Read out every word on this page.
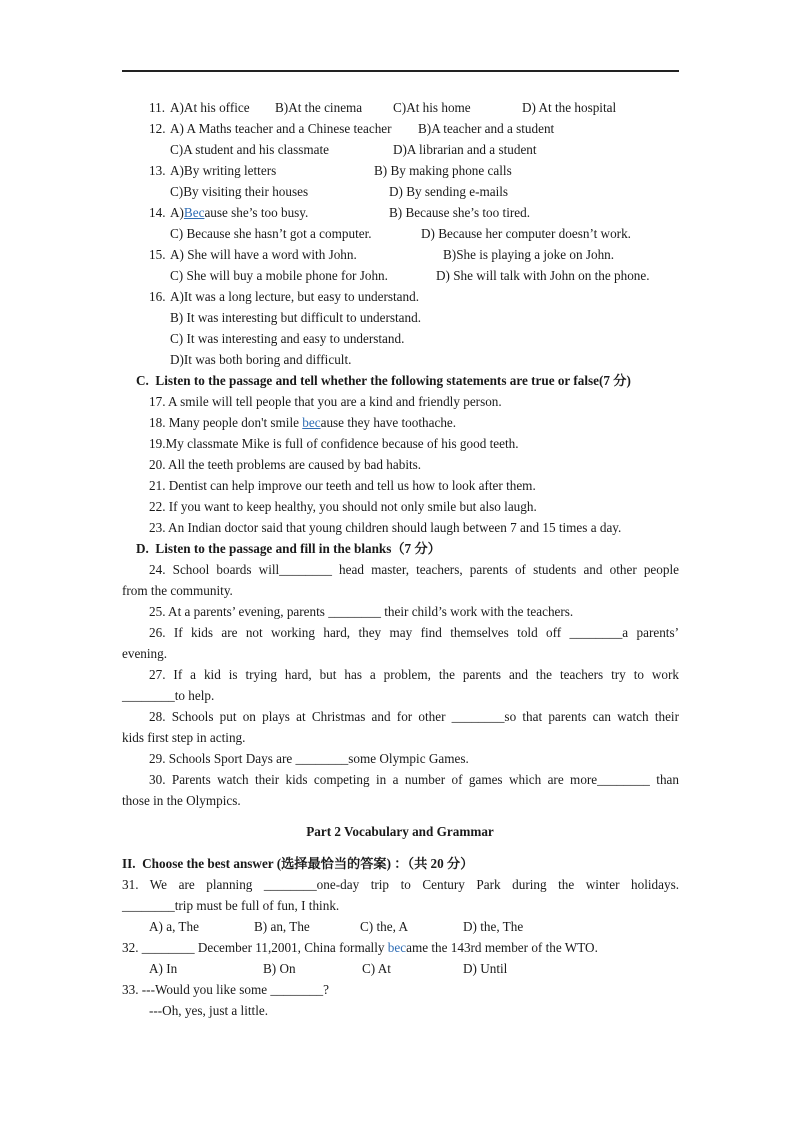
11. A)At his office B)At the cinema C)At his home	D) At the hospital
12. A) A Maths teacher and a Chinese teacher B)A teacher and a student
C)A student and his classmate	D)A librarian and a student
13. A)By writing letters	B) By making phone calls
C)By visiting their houses	D) By sending e-mails
14. A)Because she’s too busy.	B) Because she’s too tired.
C) Because she hasn’t got a computer.	D) Because her computer doesn’t work.
15. A) She will have a word with John.	B)She is playing a joke on John.
C) She will buy a mobile phone for John.	D) She will talk with John on the phone.
16. A)It was a long lecture, but easy to understand.
B) It was interesting but difficult to understand.
C) It was interesting and easy to understand.
D)It was both boring and difficult.
C.  Listen to the passage and tell whether the following statements are true or false(7 分)
17. A smile will tell people that you are a kind and friendly person.
18. Many people don't smile because they have toothache.
19.My classmate Mike is full of confidence because of his good teeth.
20. All the teeth problems are caused by bad habits.
21. Dentist can help improve our teeth and tell us how to look after them.
22. If you want to keep healthy, you should not only smile but also laugh.
23. An Indian doctor said that young children should laugh between 7 and 15 times a day.
D.  Listen to the passage and fill in the blanks（7 分）
24. School boards will________ head master, teachers, parents of students and other people
from the community.
25. At a parents’ evening, parents ________ their child’s work with the teachers.
26. If kids are not working hard, they may find themselves told off ________a parents’
evening.
27. If a kid is trying hard, but has a problem, the parents and the teachers try to work
________to help.
28. Schools put on plays at Christmas and for other ________so that parents can watch their
kids first step in acting.
29. Schools Sport Days are ________some Olympic Games.
30. Parents watch their kids competing in a number of games which are more________ than
those in the Olympics.
Part 2 Vocabulary and Grammar
II.  Choose the best answer (选择最恰当的答案) ：（共 20 分）
31. We are planning ________one-day trip to Century Park during the winter holidays.
________trip must be full of fun, I think.
A) a, The	B) an, The	C) the, A	D) the, The
32. ________ December 11,2001, China formally became the 143rd member of the WTO.
A) In	B) On	C) At	D) Until
33. ---Would you like some ________?
---Oh, yes, just a little.
